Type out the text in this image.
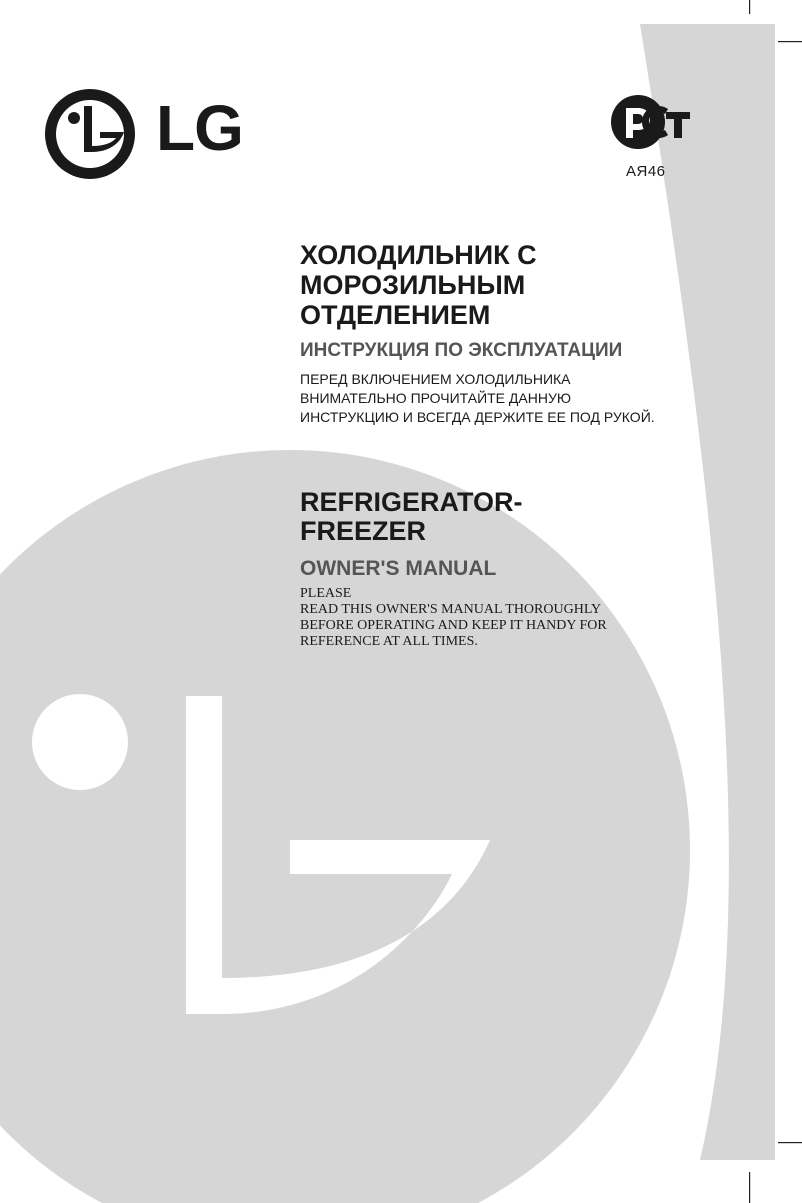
LG
АЯ46
ХОЛОДИЛЬНИК С
МОРОЗИЛЬНЫМ
ОТДЕЛЕНИЕМ
ИНСТРУКЦИЯ ПО ЭКСПЛУАТАЦИИ
ПЕРЕД ВКЛЮЧЕНИЕМ ХОЛОДИЛЬНИКА
ВНИМАТЕЛЬНО ПРОЧИТАЙТЕ ДАННУЮ
ИНСТРУКЦИЮ И ВСЕГДА ДЕРЖИТЕ ЕЕ ПОД РУКОЙ.
REFRIGERATOR-
FREEZER
OWNER'S MANUAL
PLEASE
READ THIS OWNER'S MANUAL THOROUGHLY
BEFORE OPERATING AND KEEP IT HANDY FOR
REFERENCE AT ALL TIMES.
